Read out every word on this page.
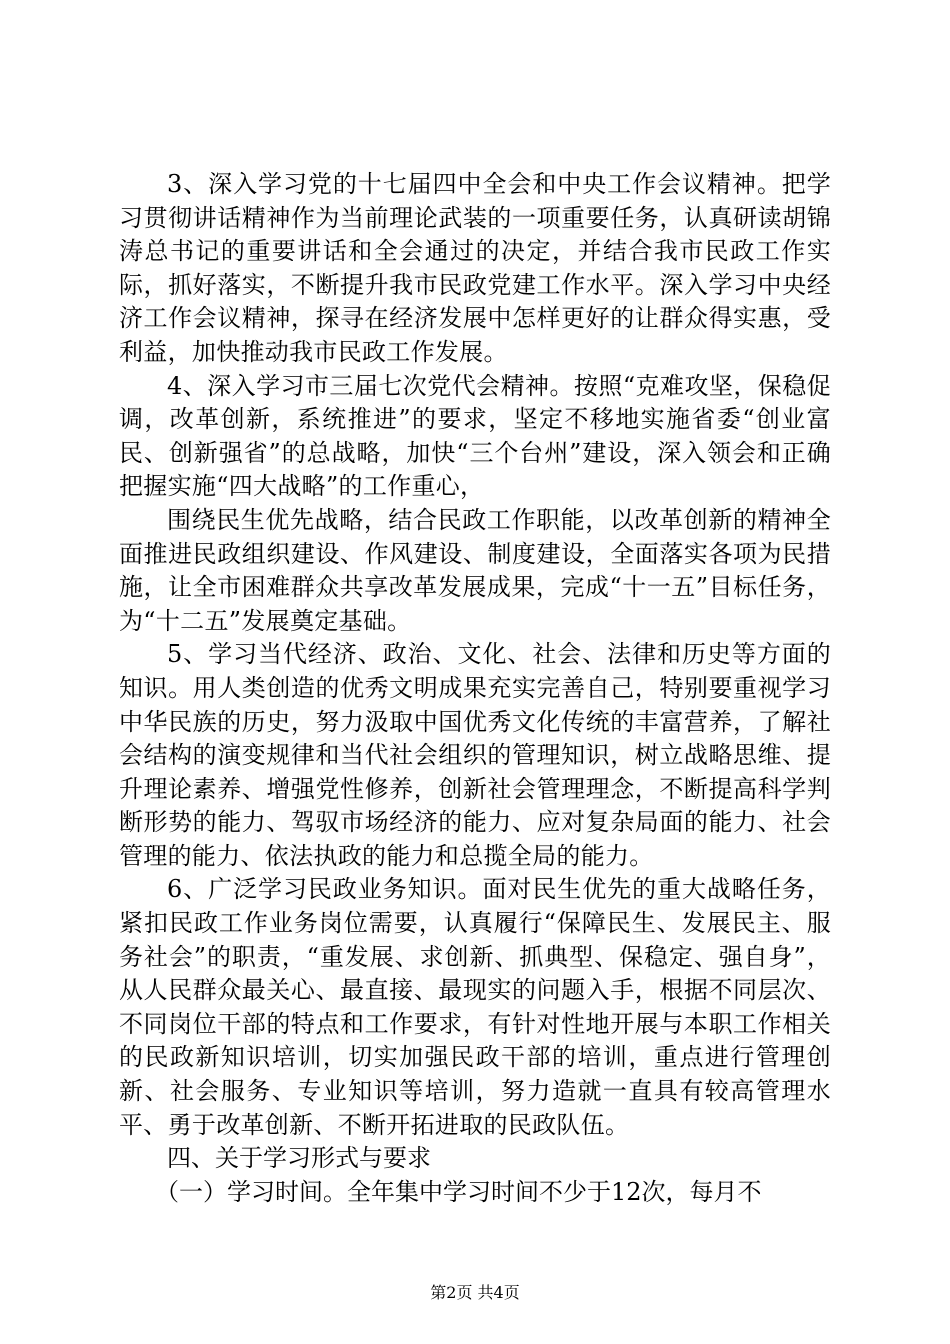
3、深入学习党的十七届四中全会和中央工作会议精神。把学习贯彻讲话精神作为当前理论武装的一项重要任务，认真研读胡锦涛总书记的重要讲话和全会通过的决定，并结合我市民政工作实际，抓好落实，不断提升我市民政党建工作水平。深入学习中央经济工作会议精神，探寻在经济发展中怎样更好的让群众得实惠，受利益，加快推动我市民政工作发展。

4、深入学习市三届七次党代会精神。按照“克难攻坚，保稳促调，改革创新，系统推进”的要求，坚定不移地实施省委“创业富民、创新强省”的总战略，加快“三个台州”建设，深入领会和正确把握实施“四大战略”的工作重心，

围绕民生优先战略，结合民政工作职能，以改革创新的精神全面推进民政组织建设、作风建设、制度建设，全面落实各项为民措施，让全市困难群众共享改革发展成果，完成“十一五”目标任务，为“十二五”发展奠定基础。

5、学习当代经济、政治、文化、社会、法律和历史等方面的知识。用人类创造的优秀文明成果充实完善自己，特别要重视学习中华民族的历史，努力汲取中国优秀文化传统的丰富营养，了解社会结构的演变规律和当代社会组织的管理知识，树立战略思维、提升理论素养、增强党性修养，创新社会管理理念，不断提高科学判断形势的能力、驾驭市场经济的能力、应对复杂局面的能力、社会管理的能力、依法执政的能力和总揽全局的能力。

6、广泛学习民政业务知识。面对民生优先的重大战略任务，紧扣民政工作业务岗位需要，认真履行“保障民生、发展民主、服务社会”的职责，“重发展、求创新、抓典型、保稳定、强自身”，从人民群众最关心、最直接、最现实的问题入手，根据不同层次、不同岗位干部的特点和工作要求，有针对性地开展与本职工作相关的民政新知识培训，切实加强民政干部的培训，重点进行管理创新、社会服务、专业知识等培训，努力造就一直具有较高管理水平、勇于改革创新、不断开拓进取的民政队伍。

四、关于学习形式与要求

（一）学习时间。全年集中学习时间不少于12次，每月不

第2页 共4页
